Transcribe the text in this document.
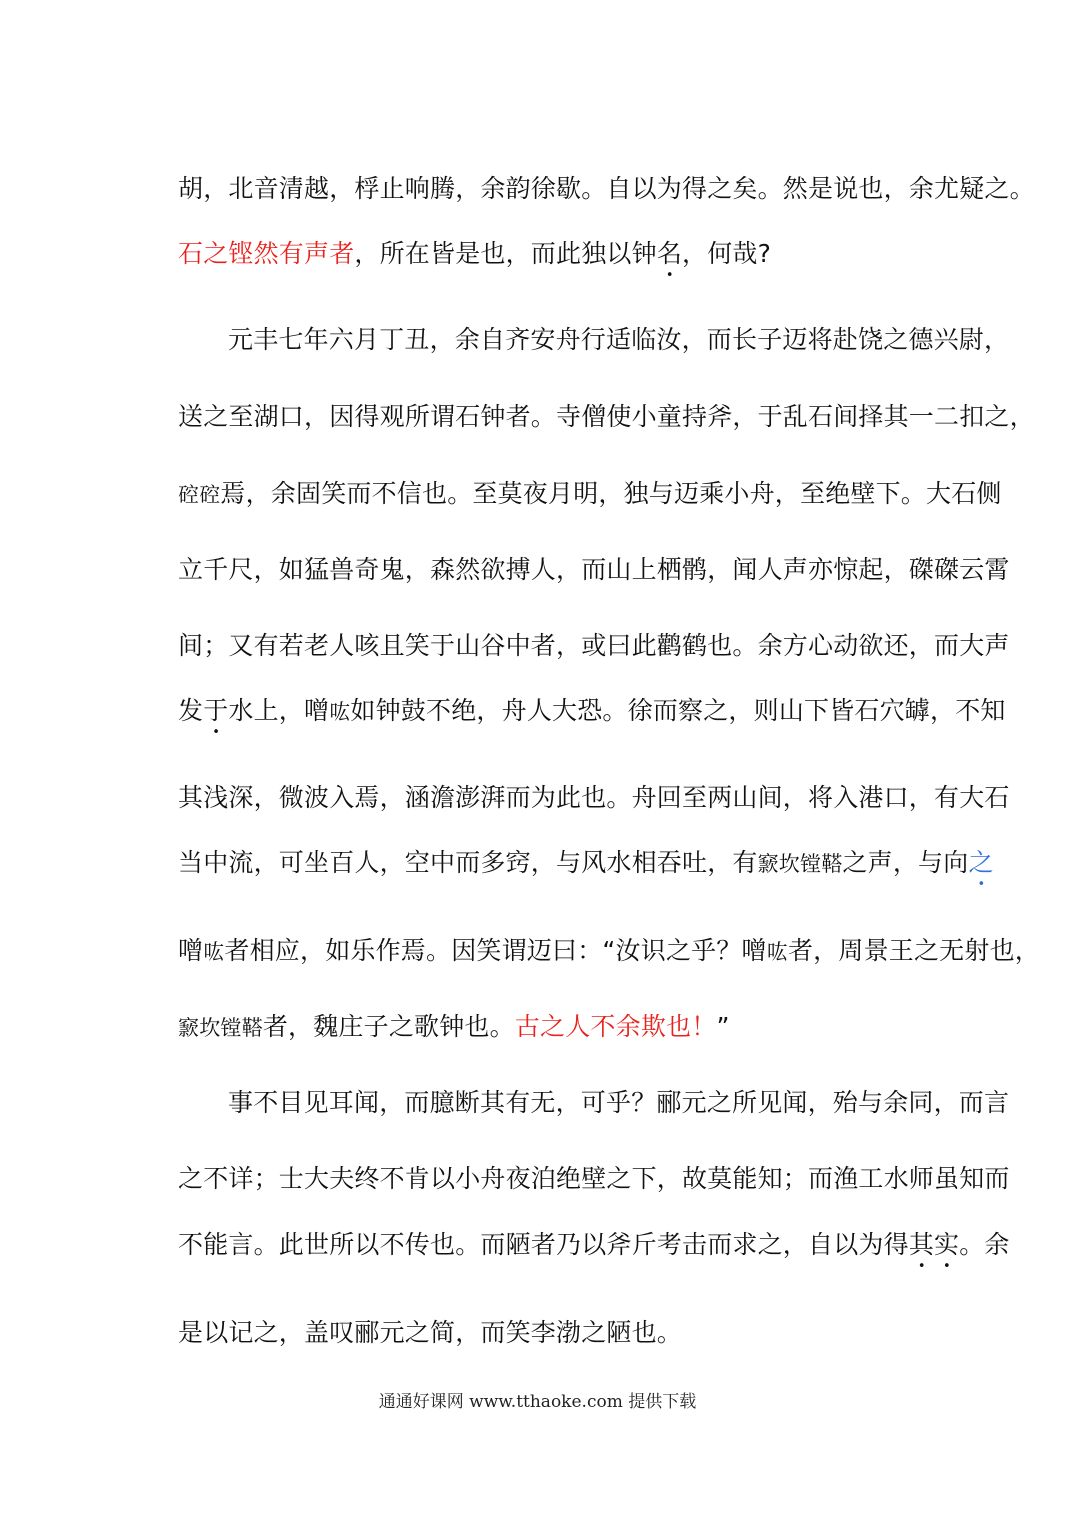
胡，北音清越，桴止响腾，余韵徐歇。自以为得之矣。然是说也，余尤疑之。
石之铿然有声者，所在皆是也，而此独以钟名，何哉?
元丰七年六月丁丑，余自齐安舟行适临汝，而长子迈将赴饶之德兴尉，
送之至湖口，因得观所谓石钟者。寺僧使小童持斧，于乱石间择其一二扣之，
硿硿焉，余固笑而不信也。至莫夜月明，独与迈乘小舟，至绝壁下。大石侧
立千尺，如猛兽奇鬼，森然欲搏人，而山上栖鹘，闻人声亦惊起，磔磔云霄
间；又有若老人咳且笑于山谷中者，或曰此鹳鹤也。余方心动欲还，而大声
发于水上，噌吰如钟鼓不绝，舟人大恐。徐而察之，则山下皆石穴罅，不知
其浅深，微波入焉，涵澹澎湃而为此也。舟回至两山间，将入港口，有大石
当中流，可坐百人，空中而多窍，与风水相吞吐，有窾坎镗鞳之声，与向之
噌吰者相应，如乐作焉。因笑谓迈曰：“汝识之乎？噌吰者，周景王之无射也，
窾坎镗鞳者，魏庄子之歌钟也。古之人不余欺也！”
事不目见耳闻，而臆断其有无，可乎？郦元之所见闻，殆与余同，而言
之不详；士大夫终不肯以小舟夜泊绝壁之下，故莫能知；而渔工水师虽知而
不能言。此世所以不传也。而陋者乃以斧斤考击而求之，自以为得其实。余
是以记之，盖叹郦元之简，而笑李渤之陋也。
通通好课网 www.tthaoke.com 提供下载
